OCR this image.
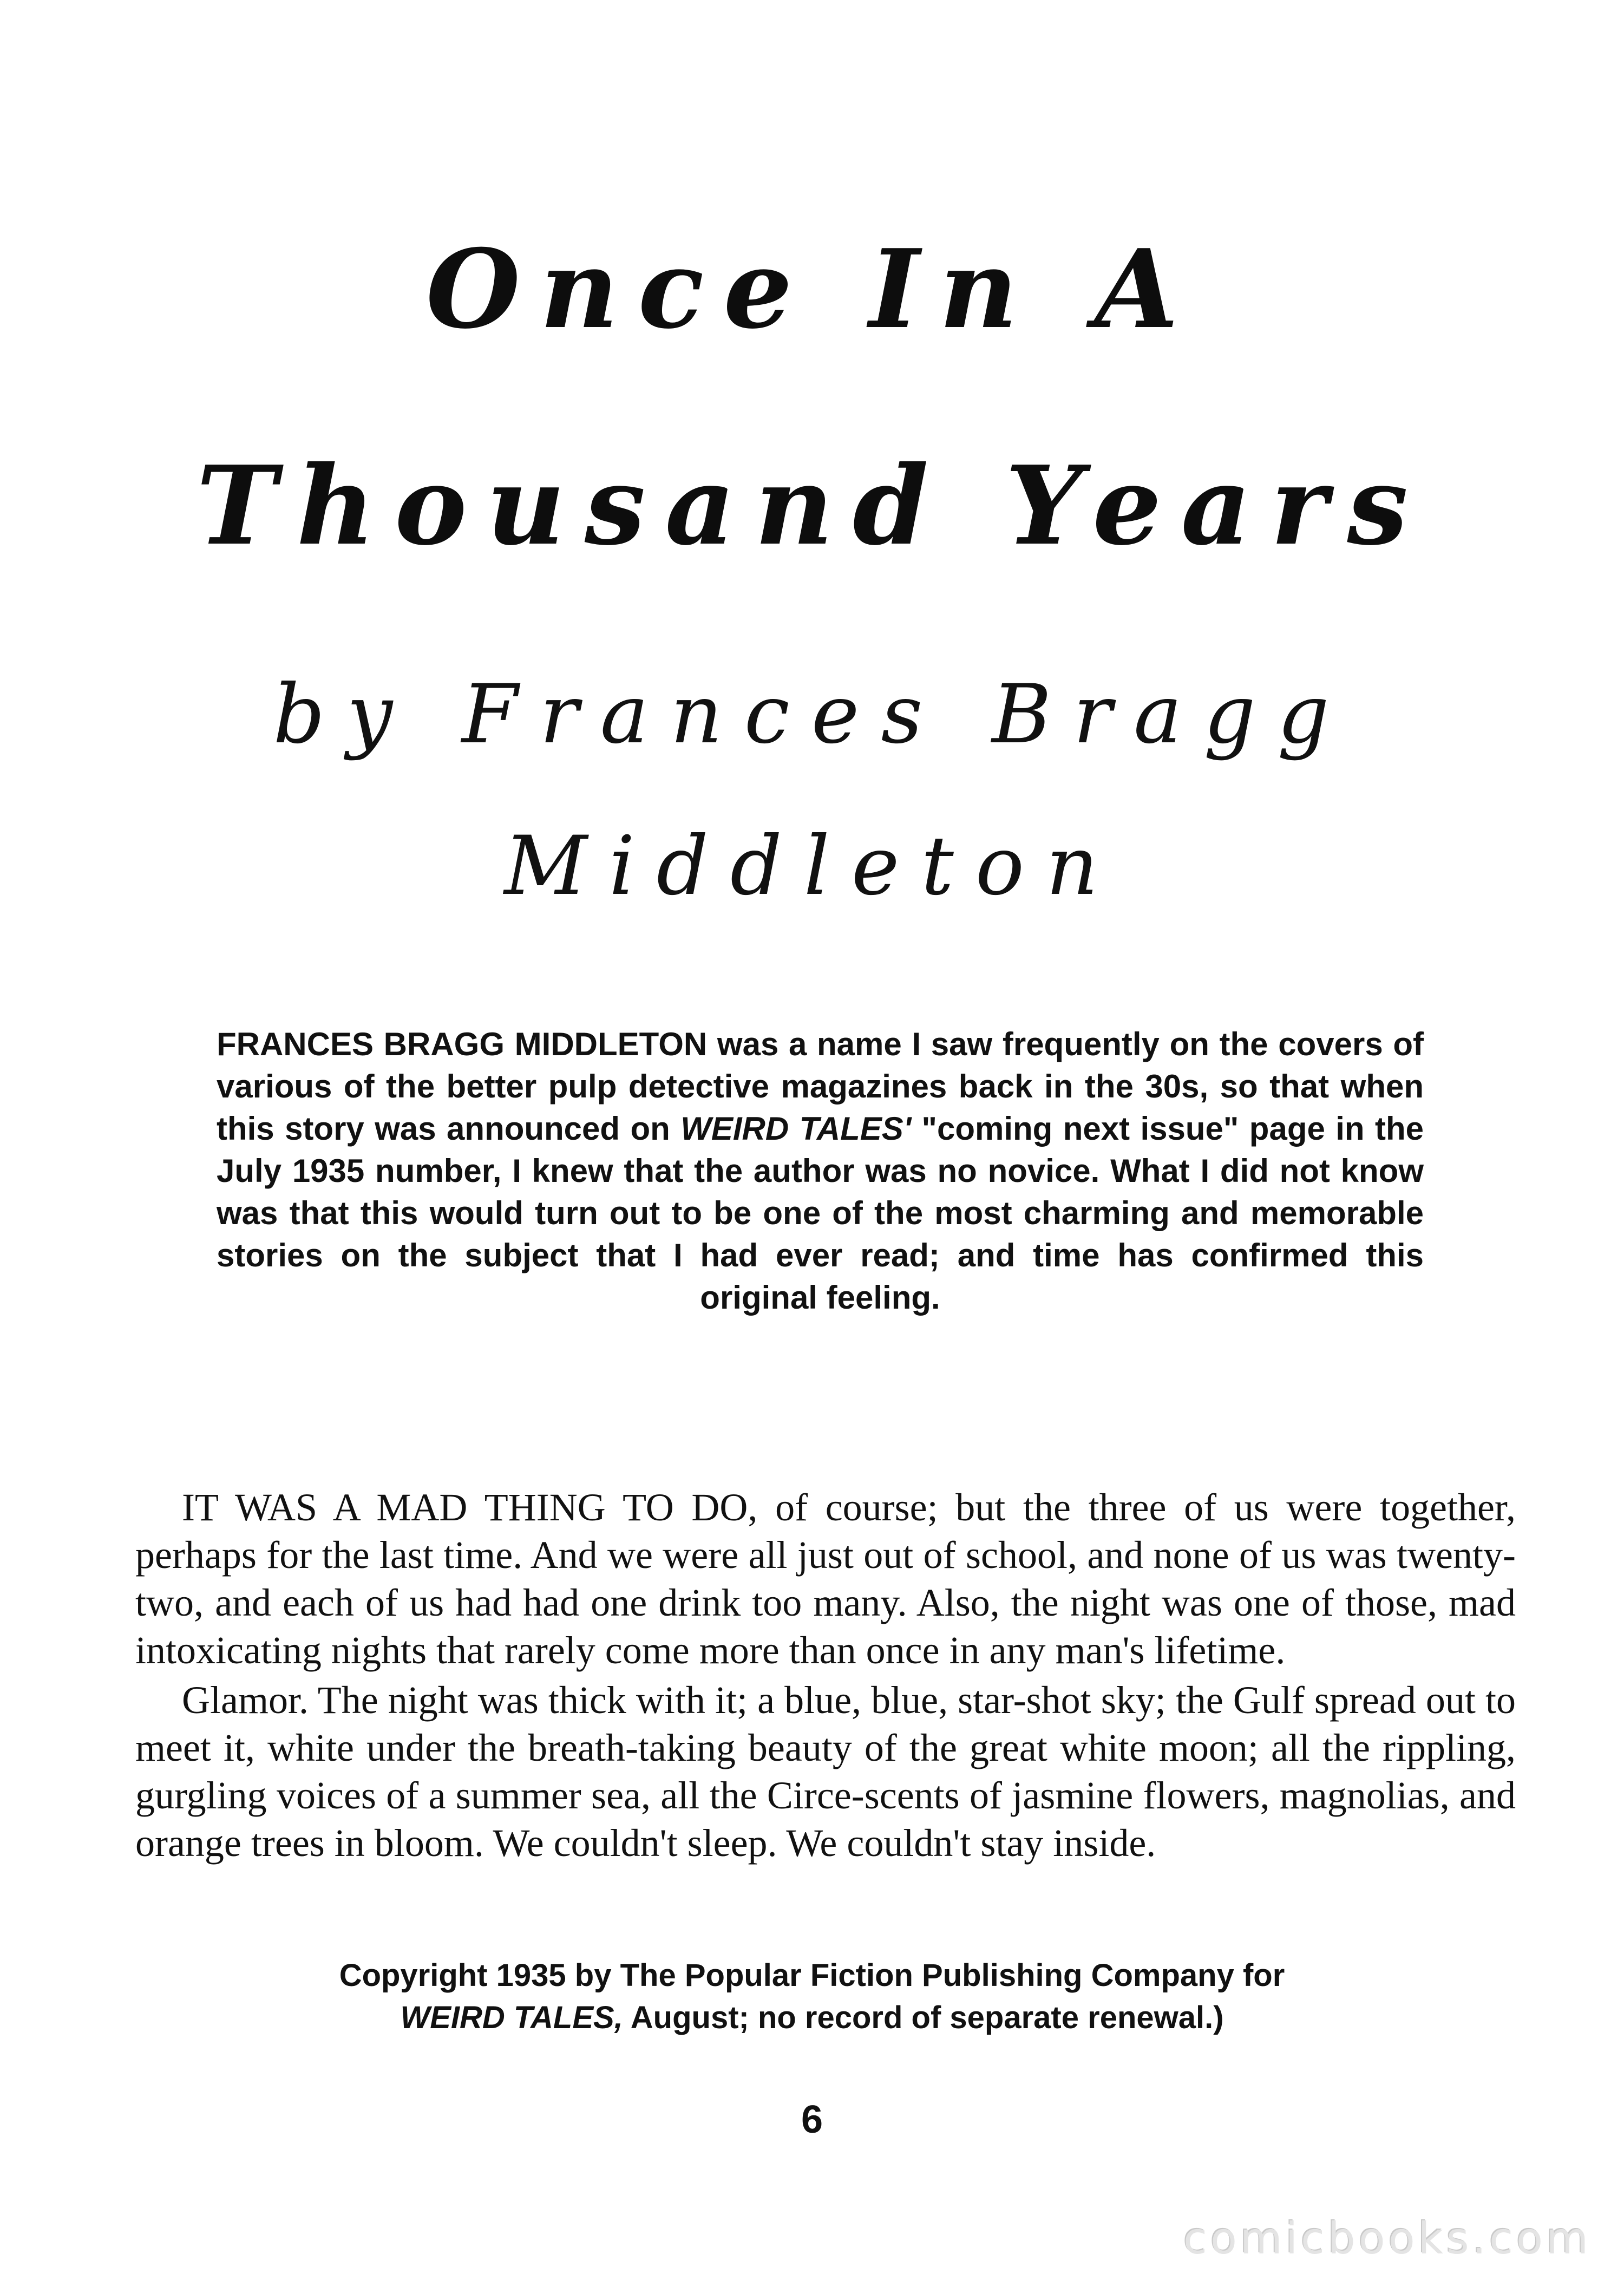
Once In A
Thousand Years
by Frances Bragg
Middleton
FRANCES BRAGG MIDDLETON was a name I saw frequently on the covers of various of the better pulp detective magazines back in the 30s, so that when this story was announced on WEIRD TALES' "coming next issue" page in the July 1935 number, I knew that the author was no novice. What I did not know was that this would turn out to be one of the most charming and memorable stories on the subject that I had ever read; and time has confirmed this original feeling.

IT WAS A MAD THING TO DO, of course; but the three of us were together, perhaps for the last time. And we were all just out of school, and none of us was twenty-two, and each of us had had one drink too many. Also, the night was one of those, mad intoxicating nights that rarely come more than once in any man's lifetime.

Glamor. The night was thick with it; a blue, blue, star-shot sky; the Gulf spread out to meet it, white under the breath-taking beauty of the great white moon; all the rippling, gurgling voices of a summer sea, all the Circe-scents of jasmine flowers, magnolias, and orange trees in bloom. We couldn't sleep. We couldn't stay inside.

Copyright 1935 by The Popular Fiction Publishing Company for
WEIRD TALES, August; no record of separate renewal.)
6
comicbooks.com
